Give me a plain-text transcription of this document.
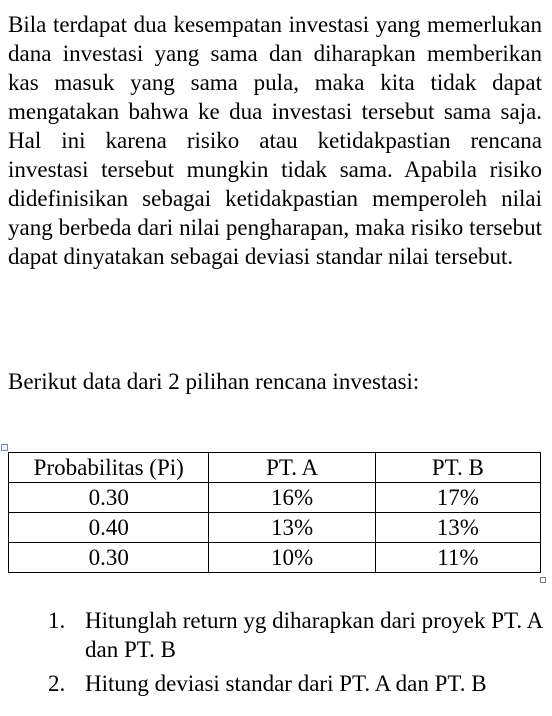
Bila terdapat dua kesempatan investasi yang memerlukan dana investasi yang sama dan diharapkan memberikan kas masuk yang sama pula, maka kita tidak dapat mengatakan bahwa ke dua investasi tersebut sama saja. Hal ini karena risiko atau ketidakpastian rencana investasi tersebut mungkin tidak sama. Apabila risiko didefinisikan sebagai ketidakpastian memperoleh nilai yang berbeda dari nilai pengharapan, maka risiko tersebut dapat dinyatakan sebagai deviasi standar nilai tersebut.

Berikut data dari 2 pilihan rencana investasi:

Probabilitas (Pi)	PT. A	PT. B
0.30	16%	17%
0.40	13%	13%
0.30	10%	11%
1. Hitunglah return yg diharapkan dari proyek PT. A dan PT. B
2. Hitung deviasi standar dari PT. A dan PT. B
